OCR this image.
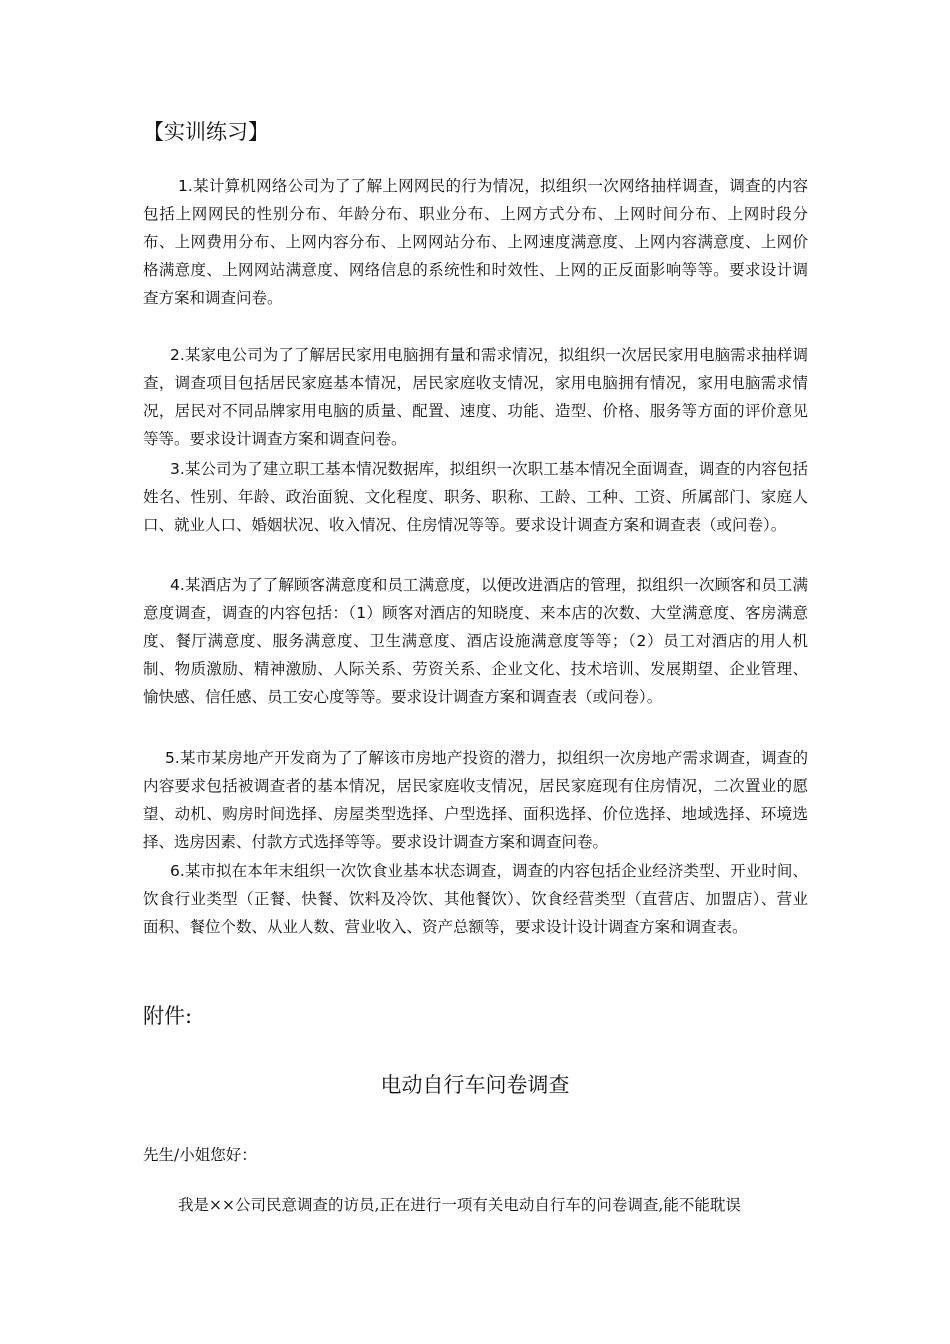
【实训练习】

1.某计算机网络公司为了了解上网网民的行为情况，拟组织一次网络抽样调查，调查的内容包括上网网民的性别分布、年龄分布、职业分布、上网方式分布、上网时间分布、上网时段分布、上网费用分布、上网内容分布、上网网站分布、上网速度满意度、上网内容满意度、上网价格满意度、上网网站满意度、网络信息的系统性和时效性、上网的正反面影响等等。要求设计调查方案和调查问卷。

2.某家电公司为了了解居民家用电脑拥有量和需求情况，拟组织一次居民家用电脑需求抽样调查，调查项目包括居民家庭基本情况，居民家庭收支情况，家用电脑拥有情况，家用电脑需求情况，居民对不同品牌家用电脑的质量、配置、速度、功能、造型、价格、服务等方面的评价意见等等。要求设计调查方案和调查问卷。

3.某公司为了建立职工基本情况数据库，拟组织一次职工基本情况全面调查，调查的内容包括姓名、性别、年龄、政治面貌、文化程度、职务、职称、工龄、工种、工资、所属部门、家庭人口、就业人口、婚姻状况、收入情况、住房情况等等。要求设计调查方案和调查表（或问卷）。

4.某酒店为了了解顾客满意度和员工满意度，以便改进酒店的管理，拟组织一次顾客和员工满意度调查，调查的内容包括：（1）顾客对酒店的知晓度、来本店的次数、大堂满意度、客房满意度、餐厅满意度、服务满意度、卫生满意度、酒店设施满意度等等；（2）员工对酒店的用人机制、物质激励、精神激励、人际关系、劳资关系、企业文化、技术培训、发展期望、企业管理、愉快感、信任感、员工安心度等等。要求设计调查方案和调查表（或问卷）。

5.某市某房地产开发商为了了解该市房地产投资的潜力，拟组织一次房地产需求调查，调查的内容要求包括被调查者的基本情况，居民家庭收支情况，居民家庭现有住房情况，二次置业的愿望、动机、购房时间选择、房屋类型选择、户型选择、面积选择、价位选择、地域选择、环境选择、选房因素、付款方式选择等等。要求设计调查方案和调查问卷。

6.某市拟在本年末组织一次饮食业基本状态调查，调查的内容包括企业经济类型、开业时间、饮食行业类型（正餐、快餐、饮料及冷饮、其他餐饮）、饮食经营类型（直营店、加盟店）、营业面积、餐位个数、从业人数、营业收入、资产总额等，要求设计设计调查方案和调查表。

附件:
电动自行车问卷调查
先生/小姐您好：
我是××公司民意调查的访员,正在进行一项有关电动自行车的问卷调查,能不能耽误
